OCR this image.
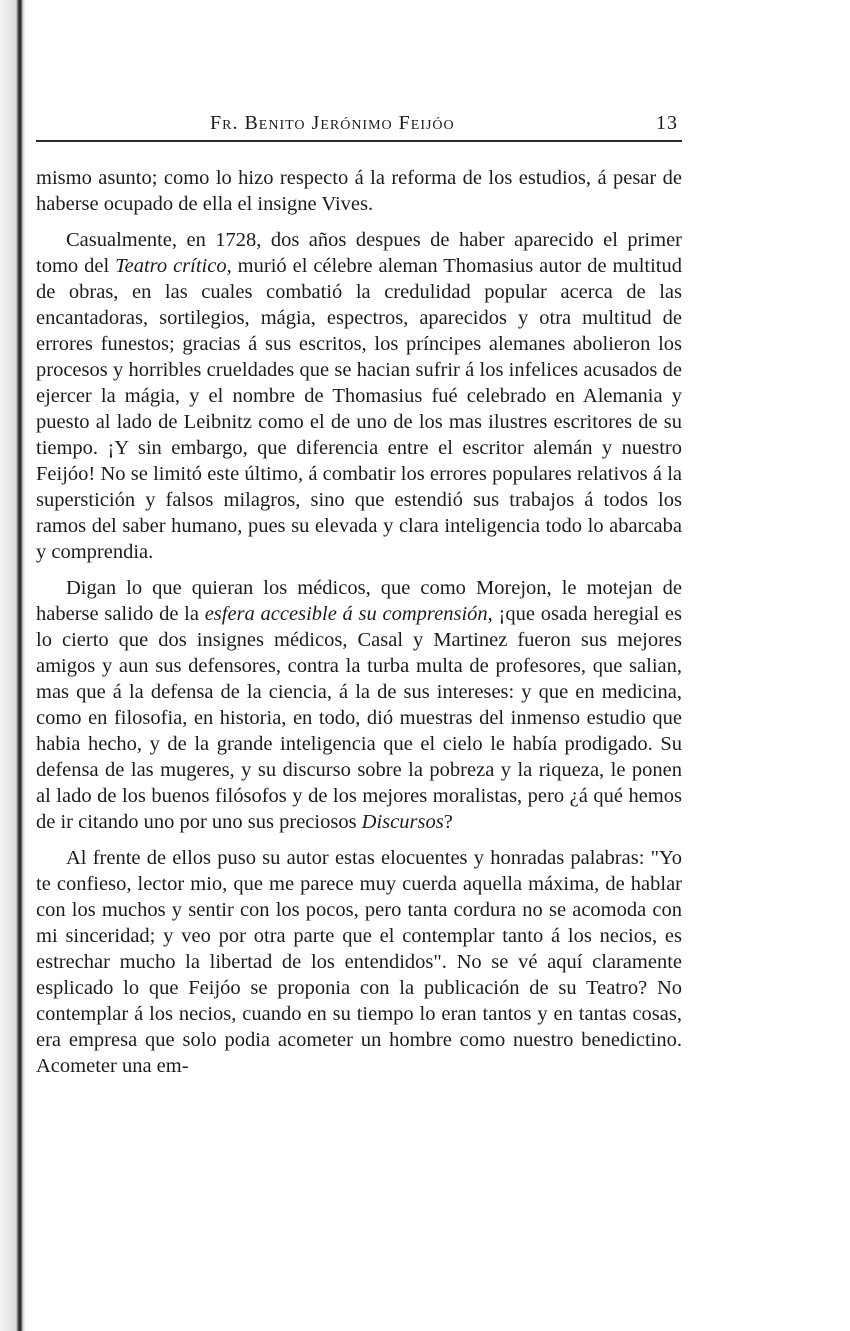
Fr. Benito Jerónimo Feijóo	13

mismo asunto; como lo hizo respecto á la reforma de los estudios, á pesar de haberse ocupado de ella el insigne Vives.

Casualmente, en 1728, dos años despues de haber aparecido el primer tomo del Teatro crítico, murió el célebre aleman Thomasius autor de multitud de obras, en las cuales combatió la credulidad popular acerca de las encantadoras, sortilegios, mágia, espectros, aparecidos y otra multitud de errores funestos; gracias á sus escritos, los príncipes alemanes abolieron los procesos y horribles crueldades que se hacian sufrir á los infelices acusados de ejercer la mágia, y el nombre de Thomasius fué celebrado en Alemania y puesto al lado de Leibnitz como el de uno de los mas ilustres escritores de su tiempo. ¡Y sin embargo, que diferencia entre el escritor alemán y nuestro Feijóo! No se limitó este último, á combatir los errores populares relativos á la superstición y falsos milagros, sino que estendió sus trabajos á todos los ramos del saber humano, pues su elevada y clara inteligencia todo lo abarcaba y comprendia.

Digan lo que quieran los médicos, que como Morejon, le motejan de haberse salido de la esfera accesible á su comprensión, ¡que osada heregial es lo cierto que dos insignes médicos, Casal y Martinez fueron sus mejores amigos y aun sus defensores, contra la turba multa de profesores, que salian, mas que á la defensa de la ciencia, á la de sus intereses: y que en medicina, como en filosofia, en historia, en todo, dió muestras del inmenso estudio que habia hecho, y de la grande inteligencia que el cielo le había prodigado. Su defensa de las mugeres, y su discurso sobre la pobreza y la riqueza, le ponen al lado de los buenos filósofos y de los mejores moralistas, pero ¿á qué hemos de ir citando uno por uno sus preciosos Discursos?

Al frente de ellos puso su autor estas elocuentes y honradas palabras: "Yo te confieso, lector mio, que me parece muy cuerda aquella máxima, de hablar con los muchos y sentir con los pocos, pero tanta cordura no se acomoda con mi sinceridad; y veo por otra parte que el contemplar tanto á los necios, es estrechar mucho la libertad de los entendidos". No se vé aquí claramente esplicado lo que Feijóo se proponia con la publicación de su Teatro? No contemplar á los necios, cuando en su tiempo lo eran tantos y en tantas cosas, era empresa que solo podia acometer un hombre como nuestro benedictino. Acometer una em-
